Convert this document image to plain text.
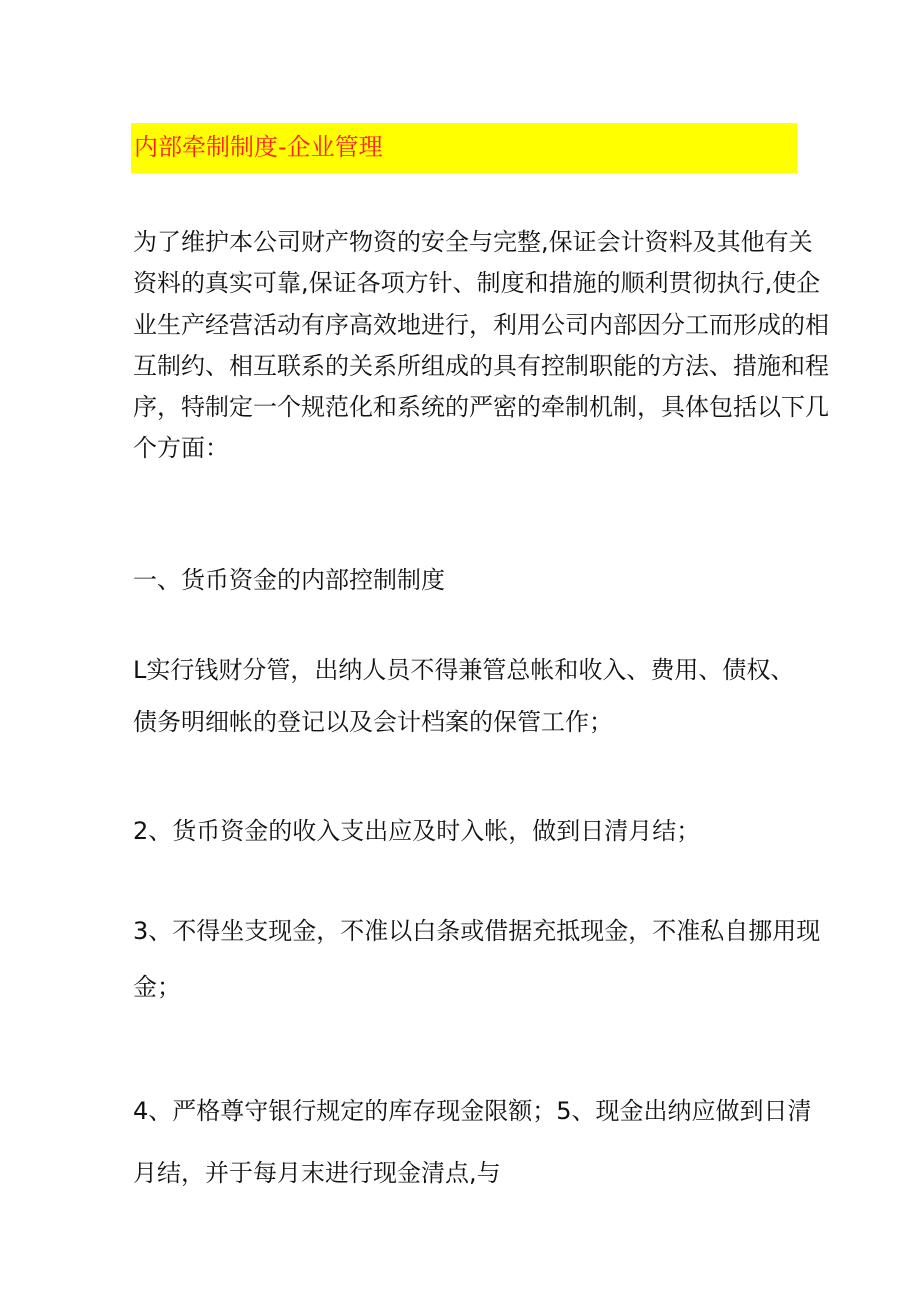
内部牵制制度-企业管理
为了维护本公司财产物资的安全与完整,保证会计资料及其他有关
资料的真实可靠,保证各项方针、制度和措施的顺利贯彻执行,使企
业生产经营活动有序高效地进行，利用公司内部因分工而形成的相
互制约、相互联系的关系所组成的具有控制职能的方法、措施和程
序，特制定一个规范化和系统的严密的牵制机制，具体包括以下几
个方面：
一、货币资金的内部控制制度
L实行钱财分管，出纳人员不得兼管总帐和收入、费用、债权、
债务明细帐的登记以及会计档案的保管工作；
2、货币资金的收入支出应及时入帐，做到日清月结；
3、不得坐支现金，不准以白条或借据充抵现金，不准私自挪用现
金；
4、严格尊守银行规定的库存现金限额；5、现金出纳应做到日清
月结，并于每月末进行现金清点,与
